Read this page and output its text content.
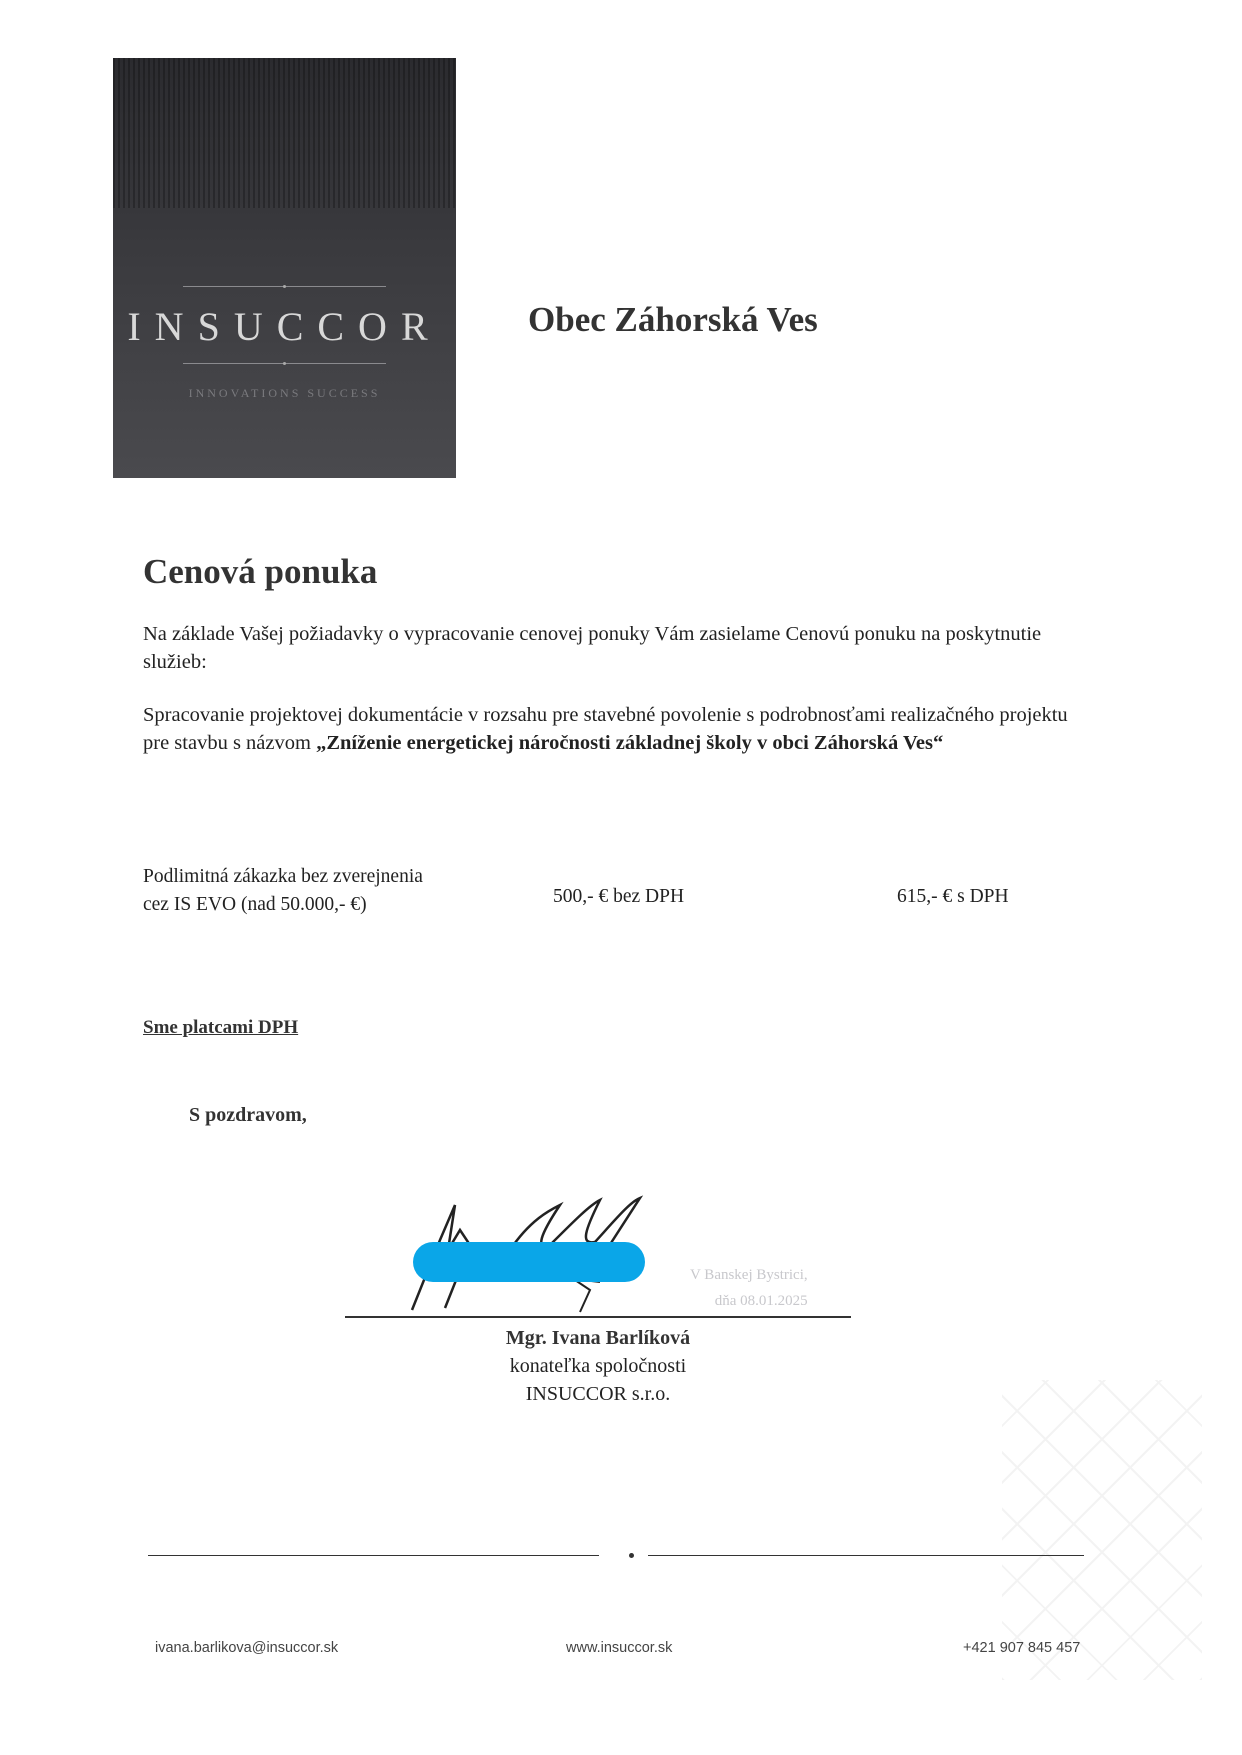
INSUCCOR
INNOVATIONS SUCCESS
Obec Záhorská Ves
Cenová ponuka
Na základe Vašej požiadavky o vypracovanie cenovej ponuky Vám zasielame Cenovú ponuku na poskytnutie služieb:
Spracovanie projektovej dokumentácie v rozsahu pre stavebné povolenie s podrobnosťami realizačného projektu pre stavbu s názvom „Zníženie energetickej náročnosti základnej školy v obci Záhorská Ves“
Podlimitná zákazka bez zverejnenia
cez IS EVO (nad 50.000,- €)	500,- € bez DPH	615,- € s DPH
Sme platcami DPH
S pozdravom,
V Banskej Bystrici,
dňa 08.01.2025
Mgr. Ivana Barlíková
konateľka spoločnosti
INSUCCOR s.r.o.
ivana.barlikova@insuccor.sk	www.insuccor.sk	+421 907 845 457
